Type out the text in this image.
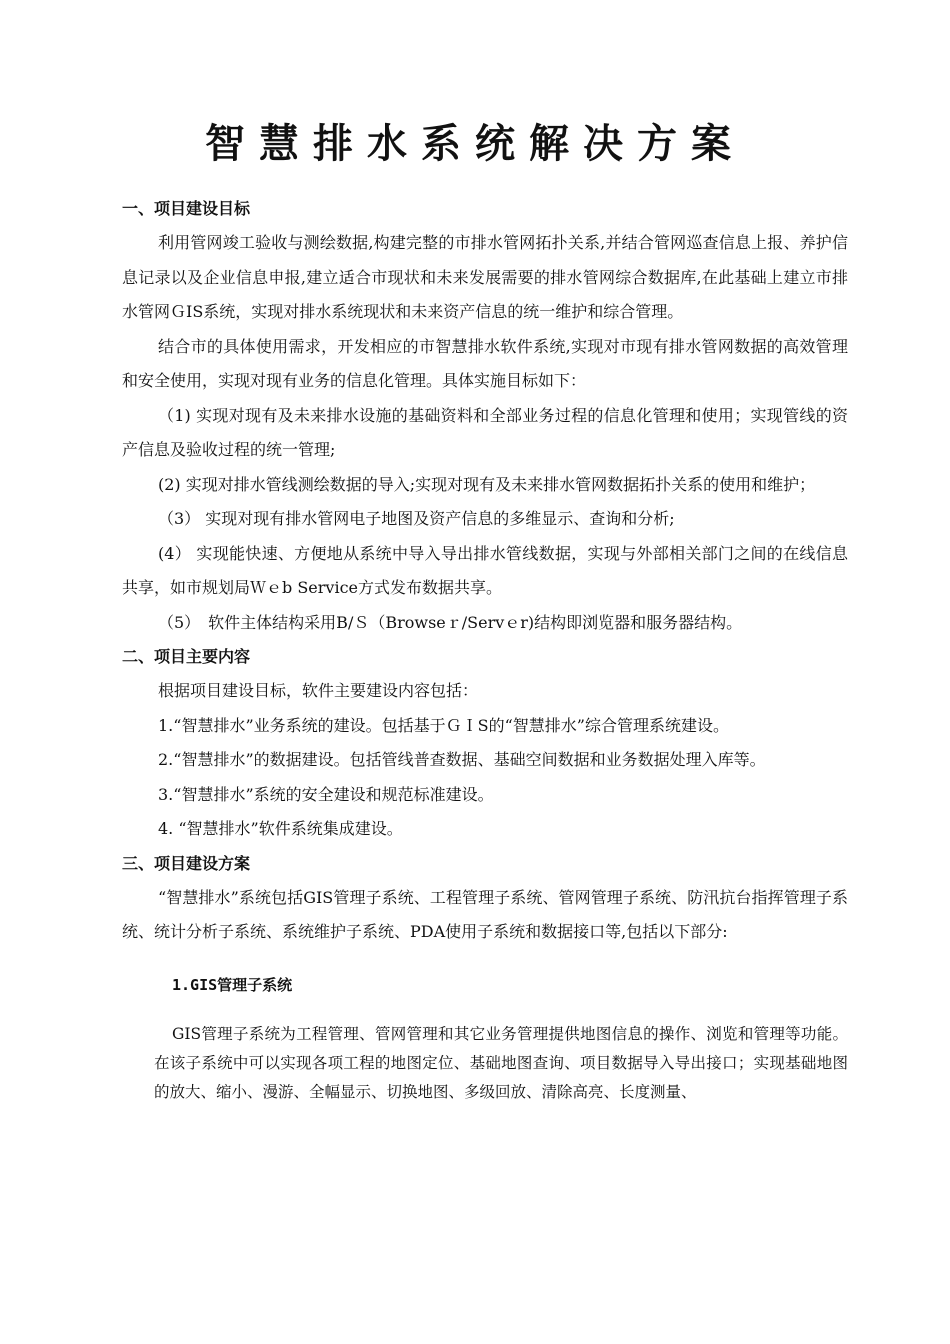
智慧排水系统解决方案

一、项目建设目标

利用管网竣工验收与测绘数据,构建完整的市排水管网拓扑关系,并结合管网巡查信息上报、养护信息记录以及企业信息申报,建立适合市现状和未来发展需要的排水管网综合数据库,在此基础上建立市排水管网ＧIS系统，实现对排水系统现状和未来资产信息的统一维护和综合管理。

结合市的具体使用需求，开发相应的市智慧排水软件系统,实现对市现有排水管网数据的高效管理和安全使用，实现对现有业务的信息化管理。具体实施目标如下：

（1) 实现对现有及未来排水设施的基础资料和全部业务过程的信息化管理和使用；实现管线的资产信息及验收过程的统一管理;

(2) 实现对排水管线测绘数据的导入;实现对现有及未来排水管网数据拓扑关系的使用和维护；

（3） 实现对现有排水管网电子地图及资产信息的多维显示、查询和分析;

(4） 实现能快速、方便地从系统中导入导出排水管线数据，实现与外部相关部门之间的在线信息共享，如市规划局Ｗｅb Service方式发布数据共享。

（5）　软件主体结构采用B/Ｓ（Browseｒ/Servｅr)结构即浏览器和服务器结构。

二、项目主要内容

根据项目建设目标，软件主要建设内容包括：

1.“智慧排水”业务系统的建设。包括基于ＧＩS的“智慧排水”综合管理系统建设。

2.“智慧排水”的数据建设。包括管线普查数据、基础空间数据和业务数据处理入库等。

3.“智慧排水”系统的安全建设和规范标准建设。

4. “智慧排水”软件系统集成建设。

三、项目建设方案

“智慧排水”系统包括GIS管理子系统、工程管理子系统、管网管理子系统、防汛抗台指挥管理子系统、统计分析子系统、系统维护子系统、PDA使用子系统和数据接口等,包括以下部分:

1.GIS管理子系统

GIS管理子系统为工程管理、管网管理和其它业务管理提供地图信息的操作、浏览和管理等功能。在该子系统中可以实现各项工程的地图定位、基础地图查询、项目数据导入导出接口；实现基础地图的放大、缩小、漫游、全幅显示、切换地图、多级回放、清除高亮、长度测量、
